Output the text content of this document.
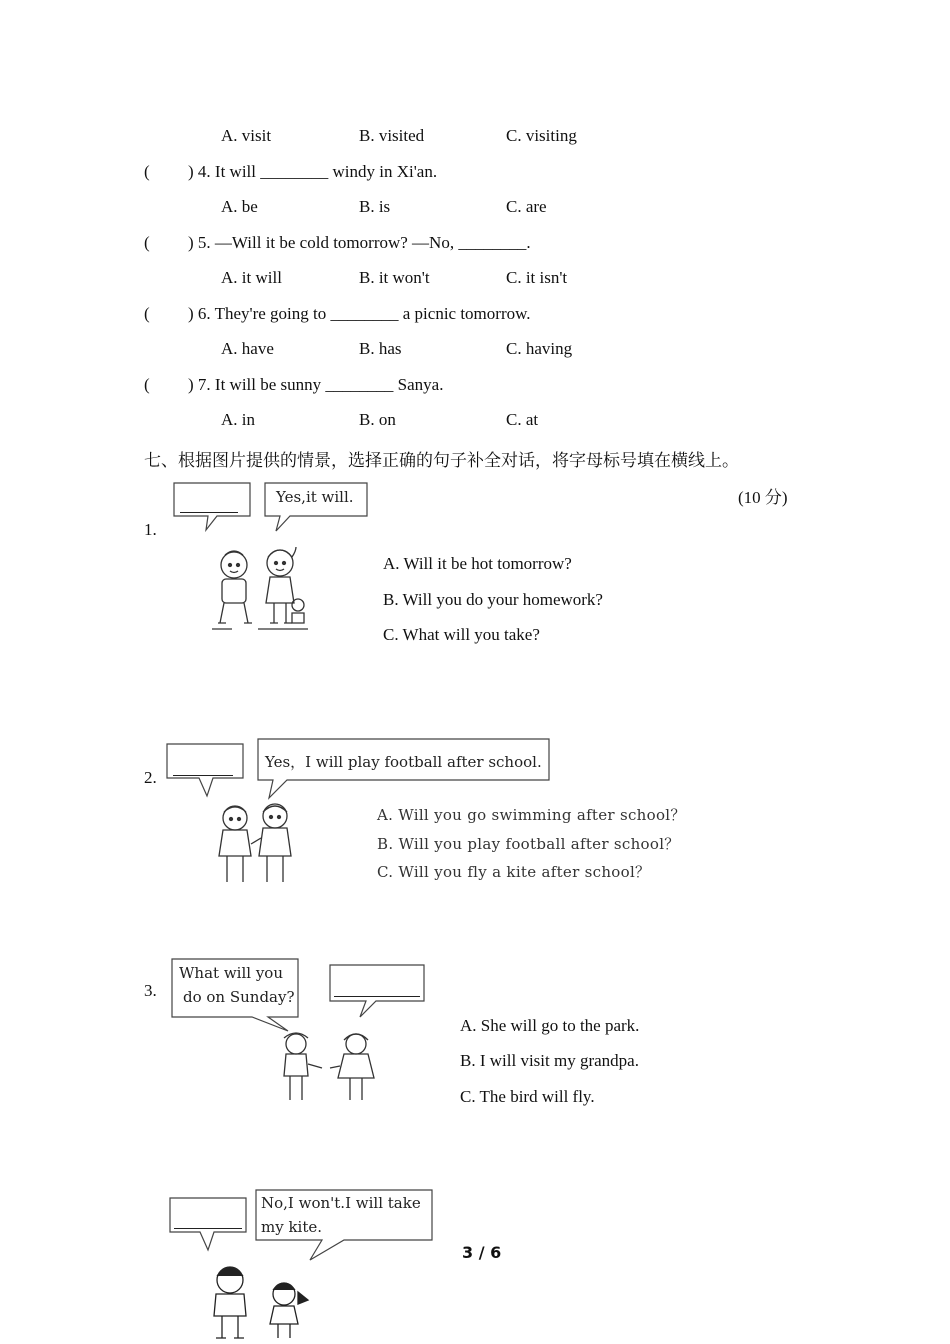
A. visit	B. visited	C. visiting
( ) 4. It will ________ windy in Xi'an.
A. be	B. is	C. are
( ) 5. —Will it be cold tomorrow? —No, ________.
A. it will	B. it won't	C. it isn't
( ) 6. They're going to ________ a picnic tomorrow.
A. have	B. has	C. having
( ) 7. It will be sunny ________ Sanya.
A. in	B. on	C. at
七、根据图片提供的情景，选择正确的句子补全对话，将字母标号填在横线上。
(10 分)
1.
Yes,it will.
A. Will it be hot tomorrow?
B. Will you do your homework?
C. What will you take?
2.
Yes，I will play football after school.
A. Will you go swimming after school？
B. Will you play football after school？
C. Will you fly a kite after school？
3.
What will you
do on Sunday?
A. She will go to the park.
B. I will visit my grandpa.
C. The bird will fly.
No,I won't.I will take
my kite.
3 / 6
